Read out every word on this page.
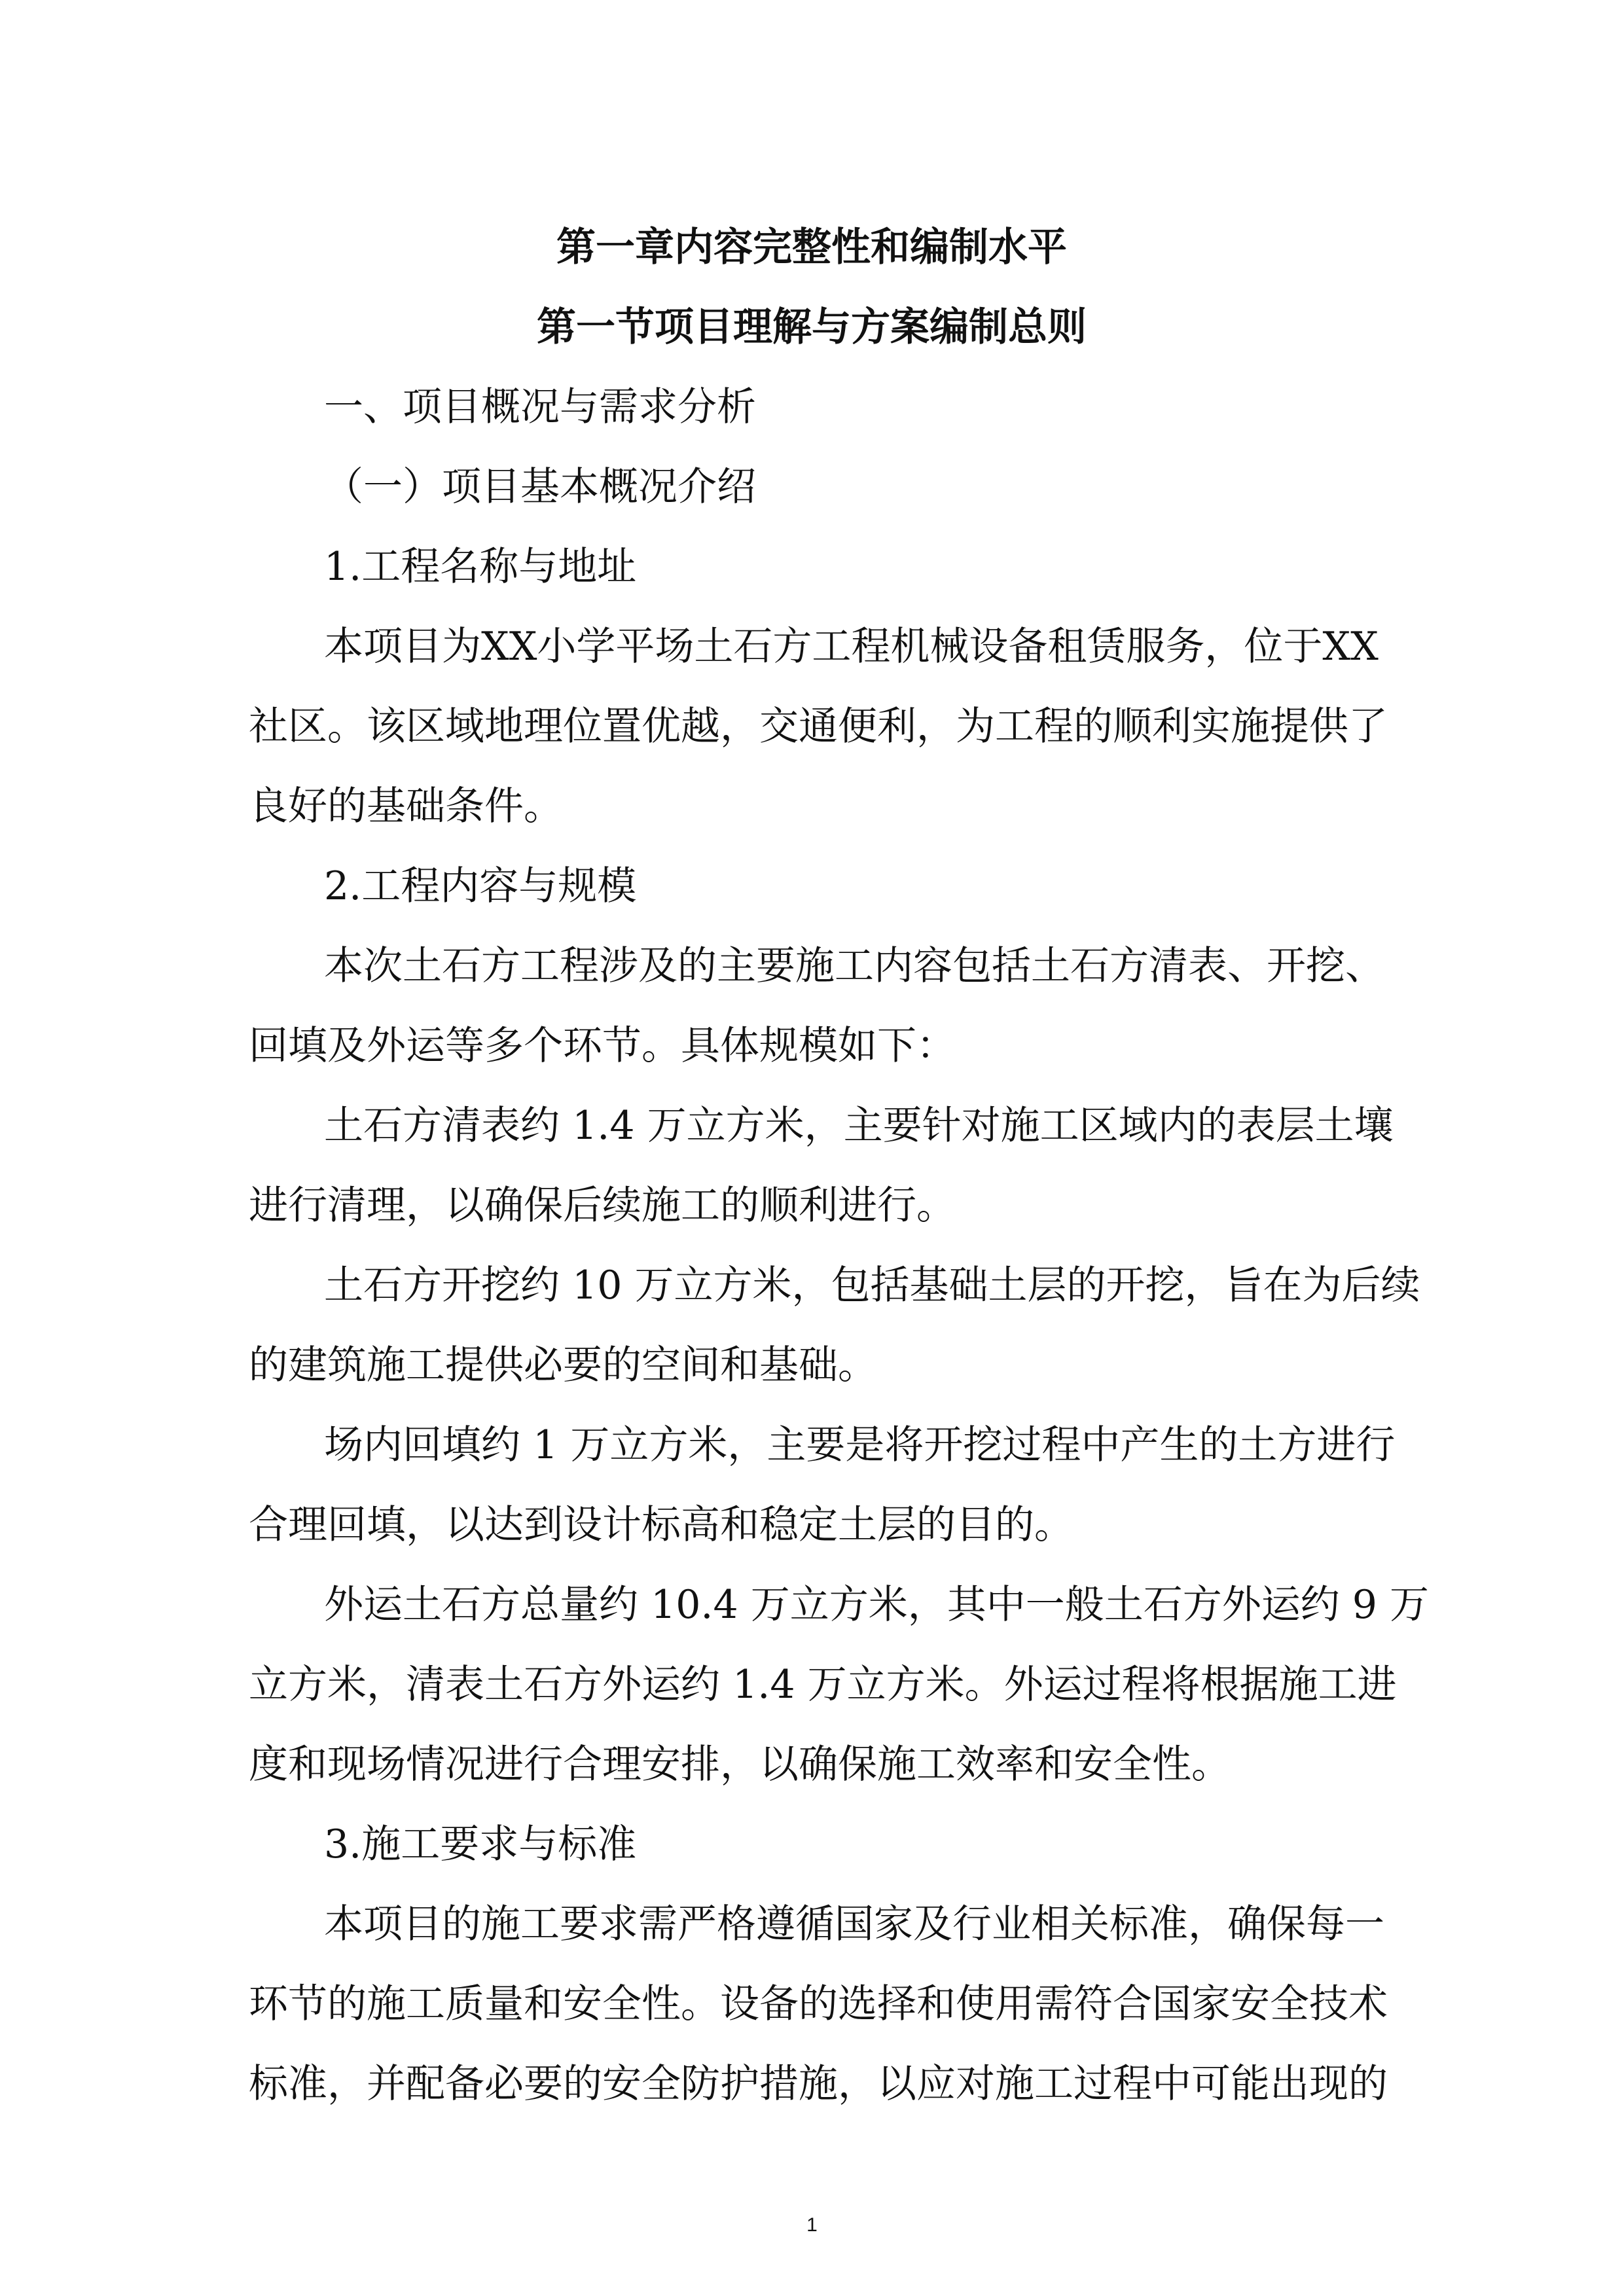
第一章内容完整性和编制水平
第一节项目理解与方案编制总则

一、项目概况与需求分析

（一）项目基本概况介绍

1.工程名称与地址

本项目为XX小学平场土石方工程机械设备租赁服务，位于XX

社区。该区域地理位置优越，交通便利，为工程的顺利实施提供了

良好的基础条件。

2.工程内容与规模

本次土石方工程涉及的主要施工内容包括土石方清表、开挖、

回填及外运等多个环节。具体规模如下：

土石方清表约 1.4 万立方米，主要针对施工区域内的表层土壤

进行清理，以确保后续施工的顺利进行。

土石方开挖约 10 万立方米，包括基础土层的开挖，旨在为后续

的建筑施工提供必要的空间和基础。

场内回填约 1 万立方米，主要是将开挖过程中产生的土方进行

合理回填，以达到设计标高和稳定土层的目的。

外运土石方总量约 10.4 万立方米，其中一般土石方外运约 9 万

立方米，清表土石方外运约 1.4 万立方米。外运过程将根据施工进

度和现场情况进行合理安排，以确保施工效率和安全性。

3.施工要求与标准

本项目的施工要求需严格遵循国家及行业相关标准，确保每一

环节的施工质量和安全性。设备的选择和使用需符合国家安全技术

标准，并配备必要的安全防护措施，以应对施工过程中可能出现的

1
